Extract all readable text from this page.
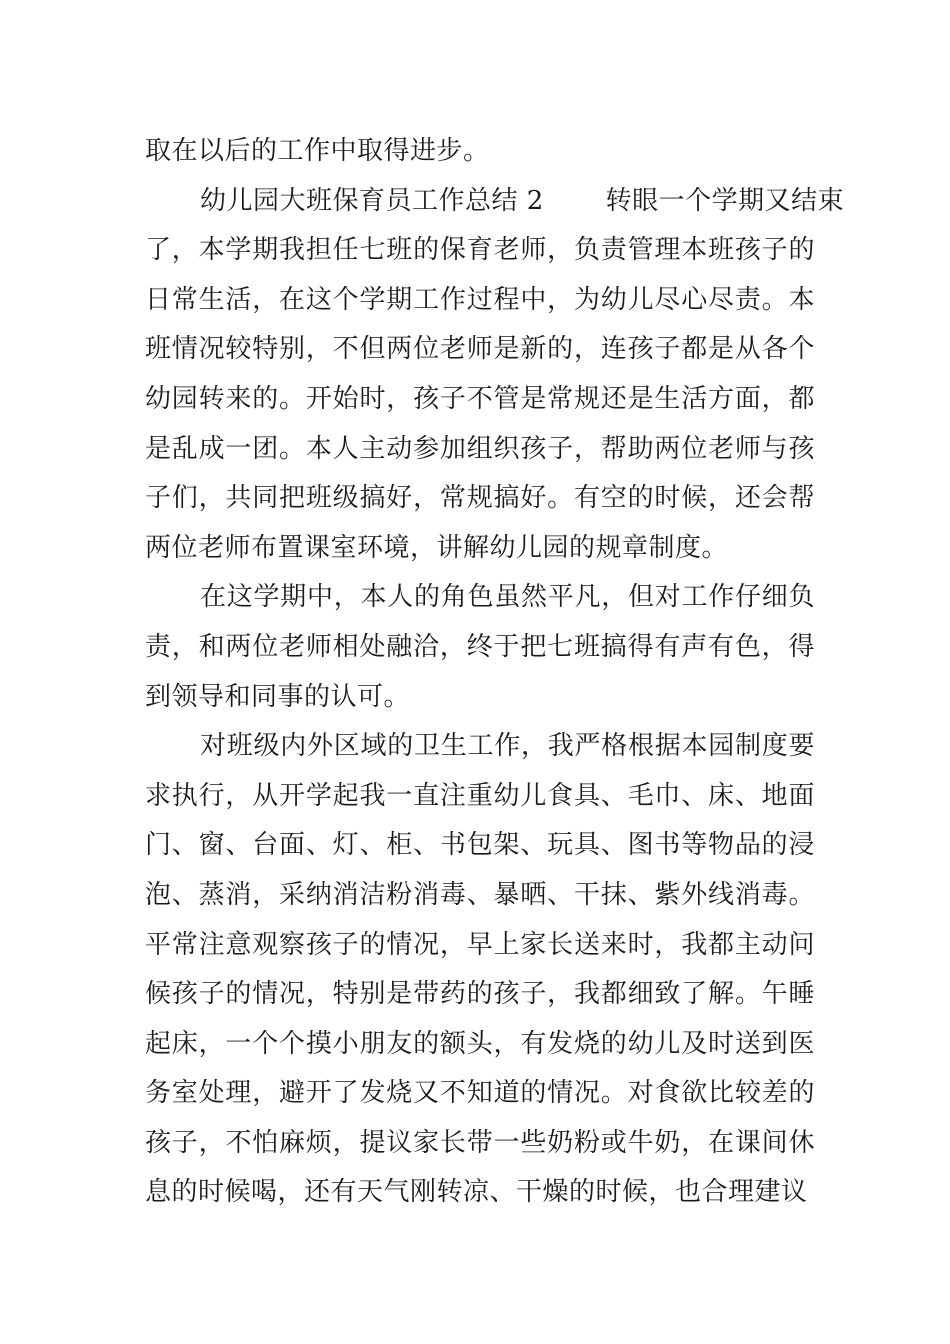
取在以后的工作中取得进步。
幼儿园大班保育员工作总结 2　　 转眼一个学期又结束
了，本学期我担任七班的保育老师，负责管理本班孩子的
日常生活，在这个学期工作过程中，为幼儿尽心尽责。本
班情况较特别，不但两位老师是新的，连孩子都是从各个
幼园转来的。开始时，孩子不管是常规还是生活方面，都
是乱成一团。本人主动参加组织孩子，帮助两位老师与孩
子们，共同把班级搞好，常规搞好。有空的时候，还会帮
两位老师布置课室环境，讲解幼儿园的规章制度。
在这学期中，本人的角色虽然平凡，但对工作仔细负
责，和两位老师相处融洽，终于把七班搞得有声有色，得
到领导和同事的认可。
对班级内外区域的卫生工作，我严格根据本园制度要
求执行，从开学起我一直注重幼儿食具、毛巾、床、地面
门、窗、台面、灯、柜、书包架、玩具、图书等物品的浸
泡、蒸消，采纳消洁粉消毒、暴晒、干抹、紫外线消毒。
平常注意观察孩子的情况，早上家长送来时，我都主动问
候孩子的情况，特别是带药的孩子，我都细致了解。午睡
起床，一个个摸小朋友的额头，有发烧的幼儿及时送到医
务室处理，避开了发烧又不知道的情况。对食欲比较差的
孩子，不怕麻烦，提议家长带一些奶粉或牛奶，在课间休
息的时候喝，还有天气刚转凉、干燥的时候，也合理建议
